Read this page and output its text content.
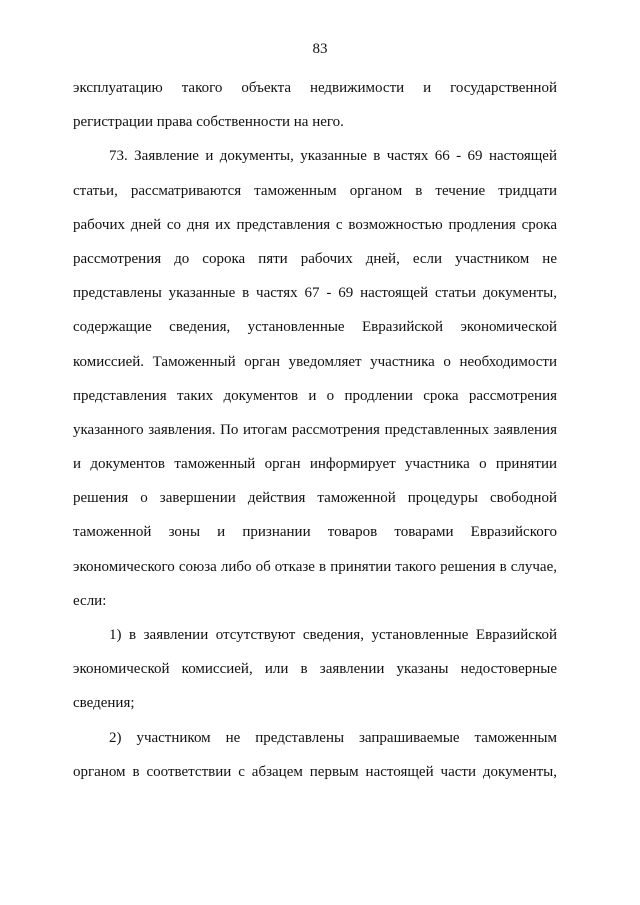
83
эксплуатацию такого объекта недвижимости и государственной
регистрации права собственности на него.
73. Заявление и документы, указанные в частях 66 - 69 настоящей
статьи, рассматриваются таможенным органом в течение тридцати
рабочих дней со дня их представления с возможностью продления срока
рассмотрения до сорока пяти рабочих дней, если участником не
представлены указанные в частях 67 - 69 настоящей статьи документы,
содержащие сведения, установленные Евразийской экономической
комиссией. Таможенный орган уведомляет участника о необходимости
представления таких документов и о продлении срока рассмотрения
указанного заявления. По итогам рассмотрения представленных заявления
и документов таможенный орган информирует участника о принятии
решения о завершении действия таможенной процедуры свободной
таможенной зоны и признании товаров товарами Евразийского
экономического союза либо об отказе в принятии такого решения в случае,
если:
1) в заявлении отсутствуют сведения, установленные Евразийской
экономической комиссией, или в заявлении указаны недостоверные
сведения;
2) участником не представлены запрашиваемые таможенным
органом в соответствии с абзацем первым настоящей части документы,
